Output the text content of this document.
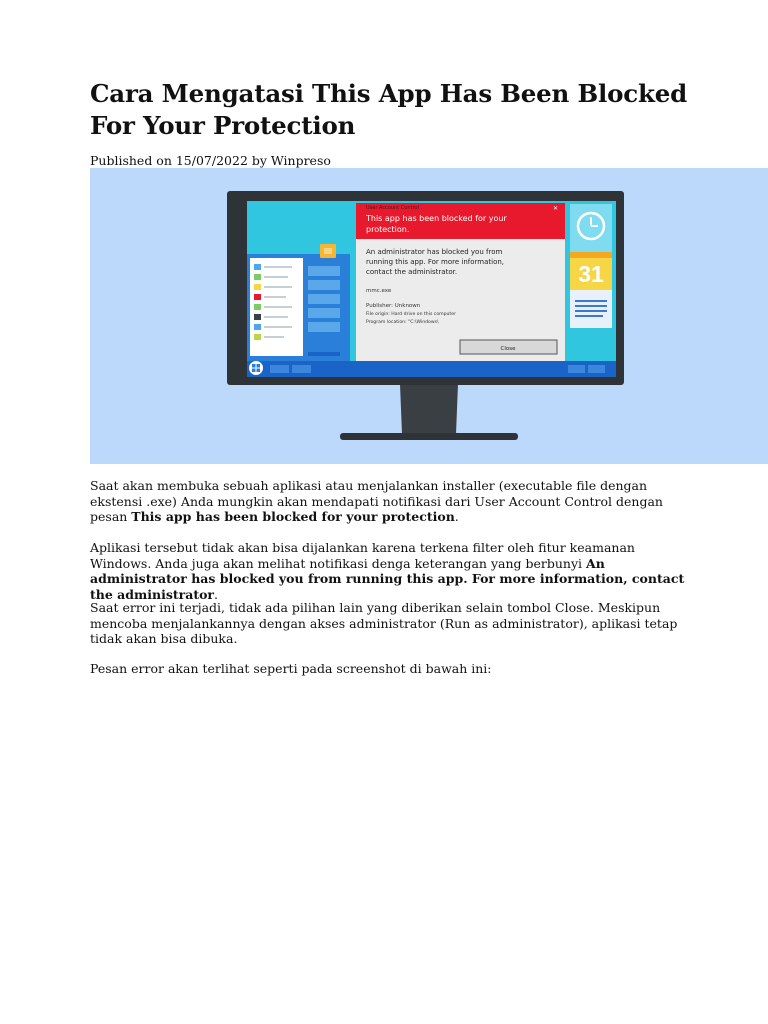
Cara Mengatasi This App Has Been Blocked For Your Protection
Published on 15/07/2022 by Winpreso
31
User Account Control	✕
This app has been blocked for your
protection.
An administrator has blocked you from
running this app. For more information,
contact the administrator.
mmc.exe
Publisher: Unknown
File origin: Hard drive on this computer
Program location: "C:\Windows\
Close

Saat akan membuka sebuah aplikasi atau menjalankan installer (executable file dengan ekstensi .exe) Anda mungkin akan mendapati notifikasi dari User Account Control dengan pesan This app has been blocked for your protection.

Aplikasi tersebut tidak akan bisa dijalankan karena terkena filter oleh fitur keamanan Windows. Anda juga akan melihat notifikasi denga keterangan yang berbunyi An administrator has blocked you from running this app. For more information, contact the administrator.

Saat error ini terjadi, tidak ada pilihan lain yang diberikan selain tombol Close. Meskipun mencoba menjalankannya dengan akses administrator (Run as administrator), aplikasi tetap tidak akan bisa dibuka.

Pesan error akan terlihat seperti pada screenshot di bawah ini:
